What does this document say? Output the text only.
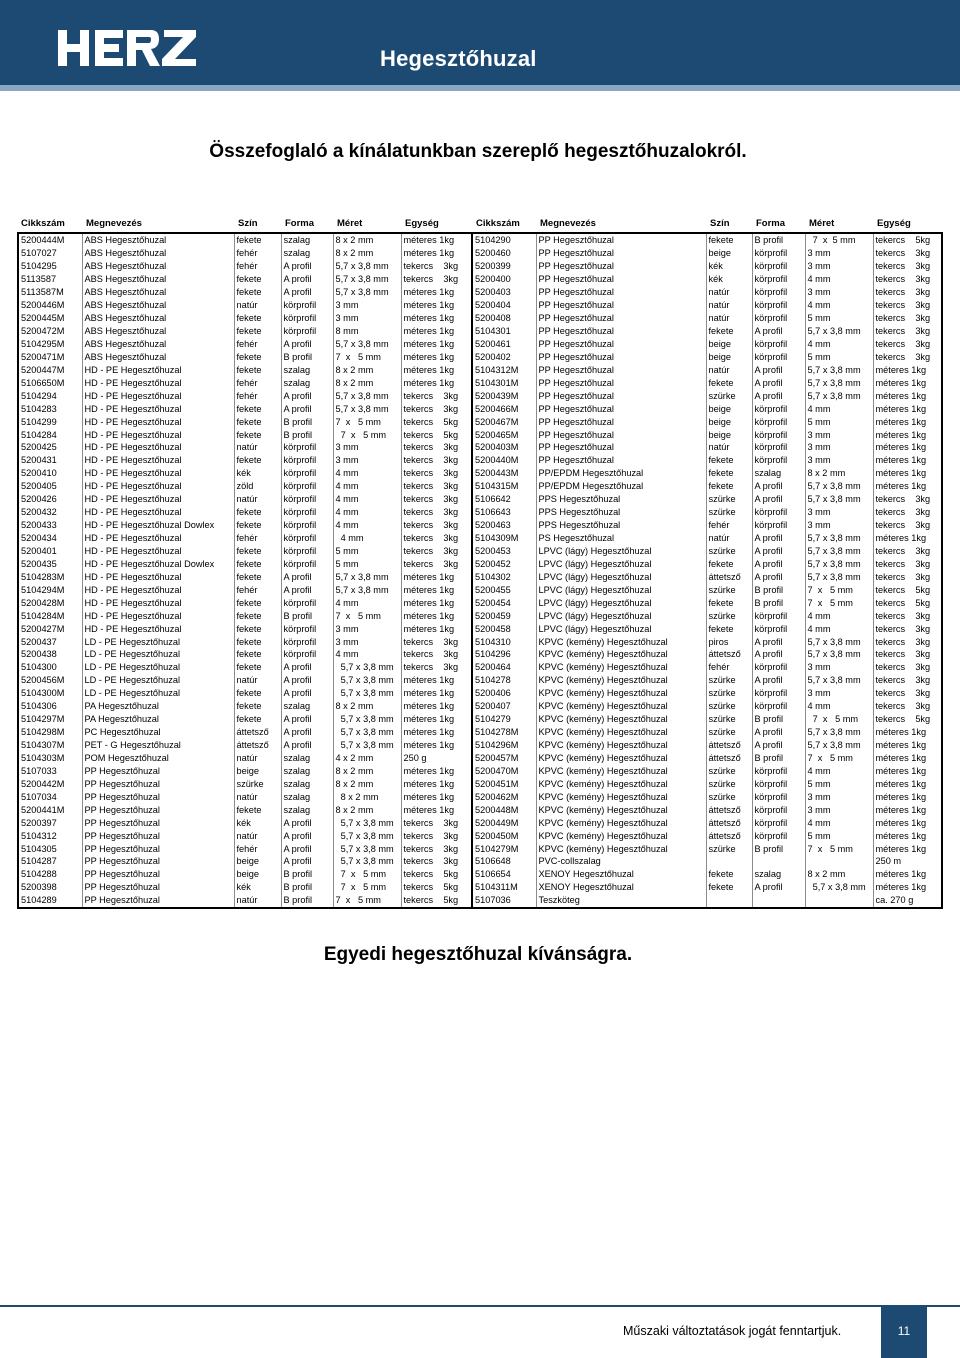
Hegesztőhuzal
Összefoglaló a kínálatunkban szereplő hegesztőhuzalokról.
Cikkszám	Megnevezés	Szín	Forma	Méret	Egység	Cikkszám	Megnevezés	Szín	Forma	Méret	Egység
5200444M	ABS Hegesztőhuzal	fekete	szalag	8 x 2 mm	méteres 1kg	5104290	PP Hegesztőhuzal	fekete	B profil	7  x  5 mm	tekercs    5kg
5107027	ABS Hegesztőhuzal	fehér	szalag	8 x 2 mm	méteres 1kg	5200460	PP Hegesztőhuzal	beige	körprofil	3 mm	tekercs    3kg
5104295	ABS Hegesztőhuzal	fehér	A profil	5,7 x 3,8 mm	tekercs    3kg	5200399	PP Hegesztőhuzal	kék	körprofil	3 mm	tekercs    3kg
5113587	ABS Hegesztőhuzal	fekete	A profil	5,7 x 3,8 mm	tekercs    3kg	5200400	PP Hegesztőhuzal	kék	körprofil	4 mm	tekercs    3kg
5113587M	ABS Hegesztőhuzal	fekete	A profil	5,7 x 3,8 mm	méteres 1kg	5200403	PP Hegesztőhuzal	natúr	körprofil	3 mm	tekercs    3kg
5200446M	ABS Hegesztőhuzal	natúr	körprofil	3 mm	méteres 1kg	5200404	PP Hegesztőhuzal	natúr	körprofil	4 mm	tekercs    3kg
5200445M	ABS Hegesztőhuzal	fekete	körprofil	3 mm	méteres 1kg	5200408	PP Hegesztőhuzal	natúr	körprofil	5 mm	tekercs    3kg
5200472M	ABS Hegesztőhuzal	fekete	körprofil	8 mm	méteres 1kg	5104301	PP Hegesztőhuzal	fekete	A profil	5,7 x 3,8 mm	tekercs    3kg
5104295M	ABS Hegesztőhuzal	fehér	A profil	5,7 x 3,8 mm	méteres 1kg	5200461	PP Hegesztőhuzal	beige	körprofil	4 mm	tekercs    3kg
5200471M	ABS Hegesztőhuzal	fekete	B profil	7  x   5 mm	méteres 1kg	5200402	PP Hegesztőhuzal	beige	körprofil	5 mm	tekercs    3kg
5200447M	HD - PE Hegesztőhuzal	fekete	szalag	8 x 2 mm	méteres 1kg	5104312M	PP Hegesztőhuzal	natúr	A profil	5,7 x 3,8 mm	méteres 1kg
5106650M	HD - PE Hegesztőhuzal	fehér	szalag	8 x 2 mm	méteres 1kg	5104301M	PP Hegesztőhuzal	fekete	A profil	5,7 x 3,8 mm	méteres 1kg
5104294	HD - PE Hegesztőhuzal	fehér	A profil	5,7 x 3,8 mm	tekercs    3kg	5200439M	PP Hegesztőhuzal	szürke	A profil	5,7 x 3,8 mm	méteres 1kg
5104283	HD - PE Hegesztőhuzal	fekete	A profil	5,7 x 3,8 mm	tekercs    3kg	5200466M	PP Hegesztőhuzal	beige	körprofil	4 mm	méteres 1kg
5104299	HD - PE Hegesztőhuzal	fekete	B profil	7  x   5 mm	tekercs    5kg	5200467M	PP Hegesztőhuzal	beige	körprofil	5 mm	méteres 1kg
5104284	HD - PE Hegesztőhuzal	fekete	B profil	7  x   5 mm	tekercs    5kg	5200465M	PP Hegesztőhuzal	beige	körprofil	3 mm	méteres 1kg
5200425	HD - PE Hegesztőhuzal	natúr	körprofil	3 mm	tekercs    3kg	5200403M	PP Hegesztőhuzal	natúr	körprofil	3 mm	méteres 1kg
5200431	HD - PE Hegesztőhuzal	fekete	körprofil	3 mm	tekercs    3kg	5200440M	PP Hegesztőhuzal	fekete	körprofil	3 mm	méteres 1kg
5200410	HD - PE Hegesztőhuzal	kék	körprofil	4 mm	tekercs    3kg	5200443M	PP/EPDM Hegesztőhuzal	fekete	szalag	8 x 2 mm	méteres 1kg
5200405	HD - PE Hegesztőhuzal	zöld	körprofil	4 mm	tekercs    3kg	5104315M	PP/EPDM Hegesztőhuzal	fekete	A profil	5,7 x 3,8 mm	méteres 1kg
5200426	HD - PE Hegesztőhuzal	natúr	körprofil	4 mm	tekercs    3kg	5106642	PPS Hegesztőhuzal	szürke	A profil	5,7 x 3,8 mm	tekercs    3kg
5200432	HD - PE Hegesztőhuzal	fekete	körprofil	4 mm	tekercs    3kg	5106643	PPS Hegesztőhuzal	szürke	körprofil	3 mm	tekercs    3kg
5200433	HD - PE Hegesztőhuzal Dowlex	fekete	körprofil	4 mm	tekercs    3kg	5200463	PPS Hegesztőhuzal	fehér	körprofil	3 mm	tekercs    3kg
5200434	HD - PE Hegesztőhuzal	fehér	körprofil	4 mm	tekercs    3kg	5104309M	PS Hegesztőhuzal	natúr	A profil	5,7 x 3,8 mm	méteres 1kg
5200401	HD - PE Hegesztőhuzal	fekete	körprofil	5 mm	tekercs    3kg	5200453	LPVC (lágy) Hegesztőhuzal	szürke	A profil	5,7 x 3,8 mm	tekercs    3kg
5200435	HD - PE Hegesztőhuzal Dowlex	fekete	körprofil	5 mm	tekercs    3kg	5200452	LPVC (lágy) Hegesztőhuzal	fekete	A profil	5,7 x 3,8 mm	tekercs    3kg
5104283M	HD - PE Hegesztőhuzal	fekete	A profil	5,7 x 3,8 mm	méteres 1kg	5104302	LPVC (lágy) Hegesztőhuzal	áttetsző	A profil	5,7 x 3,8 mm	tekercs    3kg
5104294M	HD - PE Hegesztőhuzal	fehér	A profil	5,7 x 3,8 mm	méteres 1kg	5200455	LPVC (lágy) Hegesztőhuzal	szürke	B profil	7  x   5 mm	tekercs    5kg
5200428M	HD - PE Hegesztőhuzal	fekete	körprofil	4 mm	méteres 1kg	5200454	LPVC (lágy) Hegesztőhuzal	fekete	B profil	7  x   5 mm	tekercs    5kg
5104284M	HD - PE Hegesztőhuzal	fekete	B profil	7  x   5 mm	méteres 1kg	5200459	LPVC (lágy) Hegesztőhuzal	szürke	körprofil	4 mm	tekercs    3kg
5200427M	HD - PE Hegesztőhuzal	fekete	körprofil	3 mm	méteres 1kg	5200458	LPVC (lágy) Hegesztőhuzal	fekete	körprofil	4 mm	tekercs    3kg
5200437	LD - PE Hegesztőhuzal	fekete	körprofil	3 mm	tekercs    3kg	5104310	KPVC (kemény) Hegesztőhuzal	piros	A profil	5,7 x 3,8 mm	tekercs    3kg
5200438	LD - PE Hegesztőhuzal	fekete	körprofil	4 mm	tekercs    3kg	5104296	KPVC (kemény) Hegesztőhuzal	áttetsző	A profil	5,7 x 3,8 mm	tekercs    3kg
5104300	LD - PE Hegesztőhuzal	fekete	A profil	5,7 x 3,8 mm	tekercs    3kg	5200464	KPVC (kemény) Hegesztőhuzal	fehér	körprofil	3 mm	tekercs    3kg
5200456M	LD - PE Hegesztőhuzal	natúr	A profil	5,7 x 3,8 mm	méteres 1kg	5104278	KPVC (kemény) Hegesztőhuzal	szürke	A profil	5,7 x 3,8 mm	tekercs    3kg
5104300M	LD - PE Hegesztőhuzal	fekete	A profil	5,7 x 3,8 mm	méteres 1kg	5200406	KPVC (kemény) Hegesztőhuzal	szürke	körprofil	3 mm	tekercs    3kg
5104306	PA Hegesztőhuzal	fekete	szalag	8 x 2 mm	méteres 1kg	5200407	KPVC (kemény) Hegesztőhuzal	szürke	körprofil	4 mm	tekercs    3kg
5104297M	PA Hegesztőhuzal	fekete	A profil	5,7 x 3,8 mm	méteres 1kg	5104279	KPVC (kemény) Hegesztőhuzal	szürke	B profil	7  x   5 mm	tekercs    5kg
5104298M	PC Hegesztőhuzal	áttetsző	A profil	5,7 x 3,8 mm	méteres 1kg	5104278M	KPVC (kemény) Hegesztőhuzal	szürke	A profil	5,7 x 3,8 mm	méteres 1kg
5104307M	PET - G Hegesztőhuzal	áttetsző	A profil	5,7 x 3,8 mm	méteres 1kg	5104296M	KPVC (kemény) Hegesztőhuzal	áttetsző	A profil	5,7 x 3,8 mm	méteres 1kg
5104303M	POM Hegesztőhuzal	natúr	szalag	4 x 2 mm	250 g	5200457M	KPVC (kemény) Hegesztőhuzal	áttetsző	B profil	7  x   5 mm	méteres 1kg
5107033	PP Hegesztőhuzal	beige	szalag	8 x 2 mm	méteres 1kg	5200470M	KPVC (kemény) Hegesztőhuzal	szürke	körprofil	4 mm	méteres 1kg
5200442M	PP Hegesztőhuzal	szürke	szalag	8 x 2 mm	méteres 1kg	5200451M	KPVC (kemény) Hegesztőhuzal	szürke	körprofil	5 mm	méteres 1kg
5107034	PP Hegesztőhuzal	natúr	szalag	8 x 2 mm	méteres 1kg	5200462M	KPVC (kemény) Hegesztőhuzal	szürke	körprofil	3 mm	méteres 1kg
5200441M	PP Hegesztőhuzal	fekete	szalag	8 x 2 mm	méteres 1kg	5200448M	KPVC (kemény) Hegesztőhuzal	áttetsző	körprofil	3 mm	méteres 1kg
5200397	PP Hegesztőhuzal	kék	A profil	5,7 x 3,8 mm	tekercs    3kg	5200449M	KPVC (kemény) Hegesztőhuzal	áttetsző	körprofil	4 mm	méteres 1kg
5104312	PP Hegesztőhuzal	natúr	A profil	5,7 x 3,8 mm	tekercs    3kg	5200450M	KPVC (kemény) Hegesztőhuzal	áttetsző	körprofil	5 mm	méteres 1kg
5104305	PP Hegesztőhuzal	fehér	A profil	5,7 x 3,8 mm	tekercs    3kg	5104279M	KPVC (kemény) Hegesztőhuzal	szürke	B profil	7  x   5 mm	méteres 1kg
5104287	PP Hegesztőhuzal	beige	A profil	5,7 x 3,8 mm	tekercs    3kg	5106648	PVC-collszalag				250 m
5104288	PP Hegesztőhuzal	beige	B profil	7  x   5 mm	tekercs    5kg	5106654	XENOY Hegesztőhuzal	fekete	szalag	8 x 2 mm	méteres 1kg
5200398	PP Hegesztőhuzal	kék	B profil	7  x   5 mm	tekercs    5kg	5104311M	XENOY Hegesztőhuzal	fekete	A profil	5,7 x 3,8 mm	méteres 1kg
5104289	PP Hegesztőhuzal	natúr	B profil	7  x   5 mm	tekercs    5kg	5107036	Teszköteg				ca. 270 g
Egyedi hegesztőhuzal kívánságra.
Műszaki változtatások jogát fenntartjuk.	11
